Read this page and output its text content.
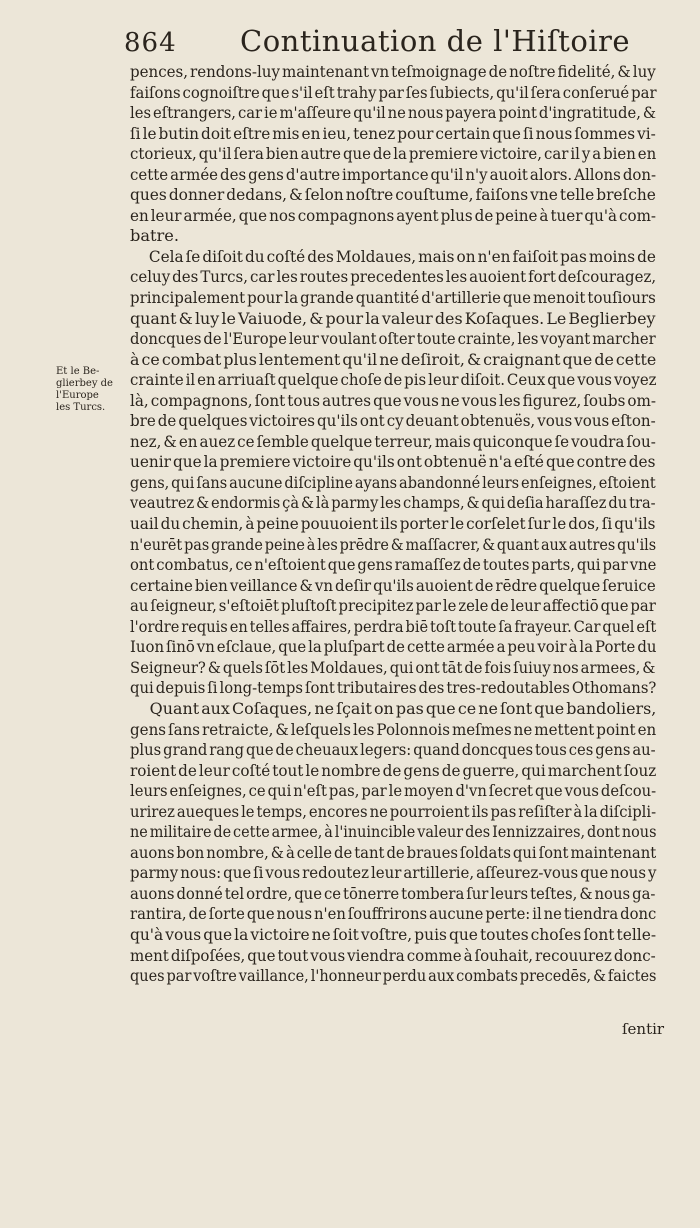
864 Continuation de l'Hiſtoire
Et le Be-
glierbey de
l'Europe
les Turcs.
pences, rendons-luy maintenant vn teſmoignage de noſtre fidelité, & luy
faiſons cognoiſtre que s'il eſt trahy par ſes ſubiects, qu'il ſera conſerué par
les eſtrangers, car ie m'aſſeure qu'il ne nous payera point d'ingratitude, &
ſi le butin doit eſtre mis en ieu, tenez pour certain que ſi nous ſommes vi-
ctorieux, qu'il ſera bien autre que de la premiere victoire, car il y a bien en
cette armée des gens d'autre importance qu'il n'y auoit alors. Allons don-
ques donner dedans, & ſelon noſtre couſtume, faiſons vne telle breſche
en leur armée, que nos compagnons ayent plus de peine à tuer qu'à com-
batre.
Cela ſe diſoit du coſté des Moldaues, mais on n'en faiſoit pas moins de
celuy des Turcs, car les routes precedentes les auoient fort deſcouragez,
principalement pour la grande quantité d'artillerie que menoit touſiours
quant & luy le Vaiuode, & pour la valeur des Koſaques. Le Beglierbey
doncques de l'Europe leur voulant oſter toute crainte, les voyant marcher
à ce combat plus lentement qu'il ne deſiroit, & craignant que de cette
crainte il en arriuaſt quelque choſe de pis leur diſoit. Ceux que vous voyez
là, compagnons, ſont tous autres que vous ne vous les figurez, ſoubs om-
bre de quelques victoires qu'ils ont cy deuant obtenuës, vous vous eſton-
nez, & en auez ce ſemble quelque terreur, mais quiconque ſe voudra ſou-
uenir que la premiere victoire qu'ils ont obtenuë n'a eſté que contre des
gens, qui ſans aucune diſcipline ayans abandonné leurs enſeignes, eſtoient
veautrez & endormis çà & là parmy les champs, & qui deſia haraſſez du tra-
uail du chemin, à peine pouuoient ils porter le corſelet ſur le dos, ſi qu'ils
n'eurēt pas grande peine à les prēdre & maſſacrer, & quant aux autres qu'ils
ont combatus, ce n'eſtoient que gens ramaſſez de toutes parts, qui par vne
certaine bien veillance & vn deſir qu'ils auoient de rēdre quelque ſeruice
au ſeigneur, s'eſtoiēt pluſtoſt precipitez par le zele de leur affectiō que par
l'ordre requis en telles affaires, perdra biē toſt toute ſa frayeur. Car quel eſt
Iuon ſinō vn eſclaue, que la pluſpart de cette armée a peu voir à la Porte du
Seigneur? & quels ſōt les Moldaues, qui ont tāt de fois ſuiuy nos armees, &
qui depuis ſi long-temps ſont tributaires des tres-redoutables Othomans?
Quant aux Coſaques, ne ſçait on pas que ce ne ſont que bandoliers,
gens ſans retraicte, & leſquels les Polonnois meſmes ne mettent point en
plus grand rang que de cheuaux legers: quand doncques tous ces gens au-
roient de leur coſté tout le nombre de gens de guerre, qui marchent ſouz
leurs enſeignes, ce qui n'eſt pas, par le moyen d'vn ſecret que vous deſcou-
urirez aueques le temps, encores ne pourroient ils pas reſiſter à la diſcipli-
ne militaire de cette armee, à l'inuincible valeur des Iennizzaires, dont nous
auons bon nombre, & à celle de tant de braues ſoldats qui ſont maintenant
parmy nous: que ſi vous redoutez leur artillerie, aſſeurez-vous que nous y
auons donné tel ordre, que ce tōnerre tombera ſur leurs teſtes, & nous ga-
rantira, de ſorte que nous n'en ſouffrirons aucune perte: il ne tiendra donc
qu'à vous que la victoire ne ſoit voſtre, puis que toutes choſes ſont telle-
ment diſpoſées, que tout vous viendra comme à ſouhait, recouurez donc-
ques par voſtre vaillance, l'honneur perdu aux combats precedēs, & faictes
ſentir
